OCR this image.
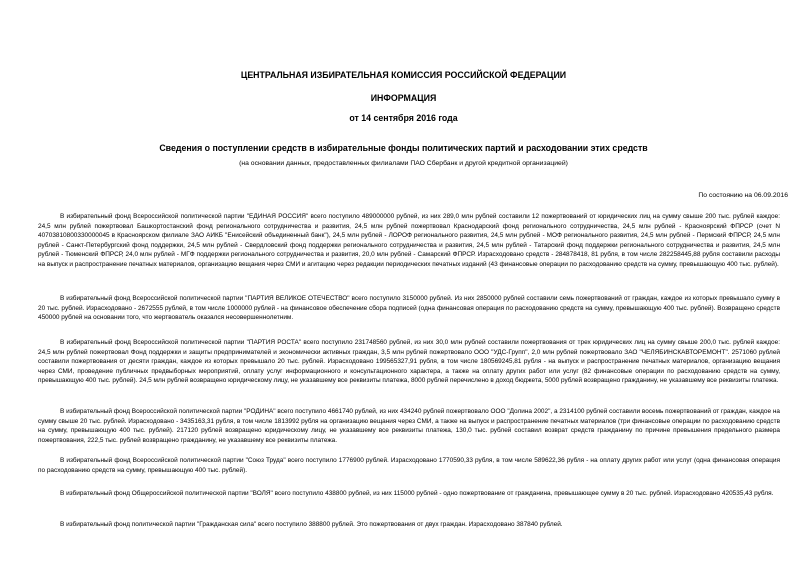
ЦЕНТРАЛЬНАЯ ИЗБИРАТЕЛЬНАЯ КОМИССИЯ РОССИЙСКОЙ ФЕДЕРАЦИИ
ИНФОРМАЦИЯ
от 14 сентября 2016 года
Сведения о поступлении средств в избирательные фонды политических партий и расходовании этих средств
(на основании данных, предоставленных филиалами ПАО Сбербанк и другой кредитной организацией)
По состоянию на 06.09.2016

В избирательный фонд Всероссийской политической партии "ЕДИНАЯ РОССИЯ" всего поступило 489000000 рублей, из них 289,0 млн рублей составили 12 пожертвований от юридических лиц на сумму свыше 200 тыс. рублей каждое: 24,5 млн рублей пожертвовал Башкортостанский фонд регионального сотрудничества и развития, 24,5 млн рублей пожертвовал Краснодарский фонд регионального сотрудничества, 24,5 млн рублей - Красноярский ФПРСР (счет N 40703810800330000045 в Красноярском филиале ЗАО АИКБ "Енисейский объединенный банк"), 24,5 млн рублей - ЛОРОФ регионального развития, 24,5 млн рублей - МОФ регионального развития, 24,5 млн рублей - Пермский ФПРСР, 24,5 млн рублей - Санкт-Петербургский фонд поддержки, 24,5 млн рублей - Свердловский фонд поддержки регионального сотрудничества и развития, 24,5 млн рублей - Татарский фонд поддержки регионального сотрудничества и развития, 24,5 млн рублей - Тюменский ФПРСР, 24,0 млн рублей - МГФ поддержки регионального сотрудничества и развития, 20,0 млн рублей - Самарский ФПРСР. Израсходовано средств - 284878418, 81 рубля, в том числе 282258445,88 рубля составили расходы на выпуск и распространение печатных материалов, организацию вещания через СМИ и агитацию через редакции периодических печатных изданий (43 финансовые операции по расходованию средств на сумму, превышающую 400 тыс. рублей).

В избирательный фонд Всероссийской политической партии "ПАРТИЯ ВЕЛИКОЕ ОТЕЧЕСТВО" всего поступило 3150000 рублей. Из них 2850000 рублей составили семь пожертвований от граждан, каждое из которых превышало сумму в 20 тыс. рублей. Израсходовано - 2672555 рублей, в том числе 1000000 рублей - на финансовое обеспечение сбора подписей (одна финансовая операция по расходованию средств на сумму, превышающую 400 тыс. рублей). Возвращено средств 450000 рублей на основании того, что жертвователь оказался несовершеннолетним.

В избирательный фонд Всероссийской политической партии "ПАРТИЯ РОСТА" всего поступило 231748560 рублей, из них 30,0 млн рублей составили пожертвования от трех юридических лиц на сумму свыше 200,0 тыс. рублей каждое: 24,5 млн рублей пожертвовал Фонд поддержки и защиты предпринимателей и экономически активных граждан, 3,5 млн рублей пожертвовало ООО "УДС-Групп", 2,0 млн рублей пожертвовало ЗАО "ЧЕЛЯБИНСКАВТОРЕМОНТ". 2571060 рублей составили пожертвования от десяти граждан, каждое из которых превышало 20 тыс. рублей. Израсходовано 199565327,91 рубля, в том числе 180569245,81 рубля - на выпуск и распространение печатных материалов, организацию вещания через СМИ, проведение публичных предвыборных мероприятий, оплату услуг информационного и консультационного характера, а также на оплату других работ или услуг (82 финансовые операции по расходованию средств на сумму, превышающую 400 тыс. рублей). 24,5 млн рублей возвращено юридическому лицу, не указавшему все реквизиты платежа, 8000 рублей перечислено в доход бюджета, 5000 рублей возвращено гражданину, не указавшему все реквизиты платежа.

В избирательный фонд Всероссийской политической партии "РОДИНА" всего поступило 4661740 рублей, из них 434240 рублей пожертвовало ООО "Долина 2002", а 2314100 рублей составили восемь пожертвований от граждан, каждое на сумму свыше 20 тыс. рублей. Израсходовано - 3435163,31 рубля, в том числе 1813992 рубля на организацию вещания через СМИ, а также на выпуск и распространение печатных материалов (три финансовые операции по расходованию средств на сумму, превышающую 400 тыс. рублей). 217120 рублей возвращено юридическому лицу, не указавшему все реквизиты платежа, 130,0 тыс. рублей составил возврат средств гражданину по причине превышения предельного размера пожертвования, 222,5 тыс. рублей возвращено гражданину, не указавшему все реквизиты платежа.

В избирательный фонд Всероссийской политической партии "Союз Труда" всего поступило 1776900 рублей. Израсходовано 1770590,33 рубля, в том числе 589622,36 рубля - на оплату других работ или услуг (одна финансовая операция по расходованию средств на сумму, превышающую 400 тыс. рублей).

В избирательный фонд Общероссийской политической партии "ВОЛЯ" всего поступило 438800 рублей, из них 115000 рублей - одно пожертвование от гражданина, превышающее сумму в 20 тыс. рублей. Израсходовано 420535,43 рубля.

В избирательный фонд политической партии "Гражданская сила" всего поступило 388800 рублей. Это пожертвования от двух граждан. Израсходовано 387840 рублей.
